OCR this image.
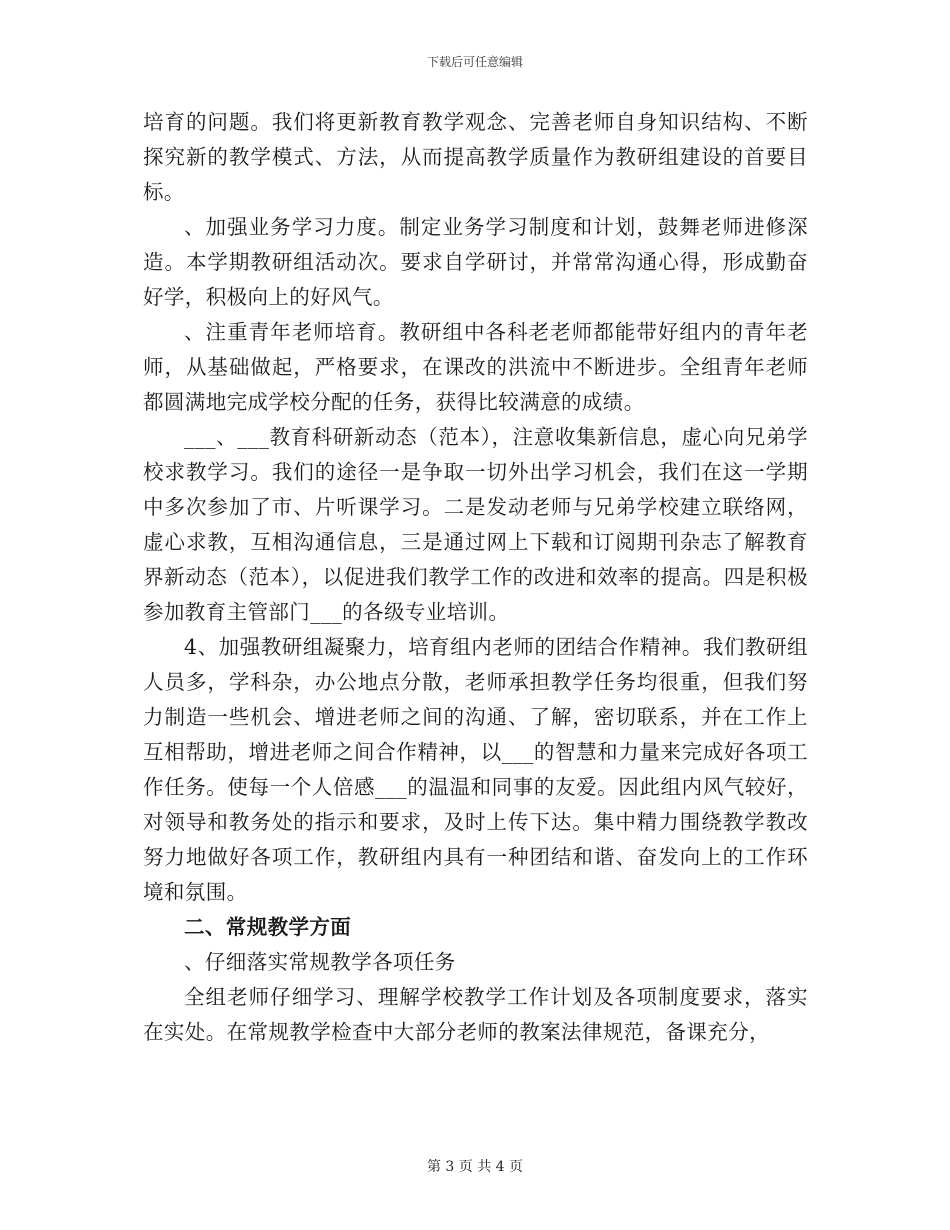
下载后可任意编辑

培育的问题。我们将更新教育教学观念、完善老师自身知识结构、不断探究新的教学模式、方法，从而提高教学质量作为教研组建设的首要目标。

、加强业务学习力度。制定业务学习制度和计划，鼓舞老师进修深造。本学期教研组活动次。要求自学研讨，并常常沟通心得，形成勤奋好学，积极向上的好风气。

、注重青年老师培育。教研组中各科老老师都能带好组内的青年老师，从基础做起，严格要求，在课改的洪流中不断进步。全组青年老师都圆满地完成学校分配的任务，获得比较满意的成绩。

___、___教育科研新动态（范本），注意收集新信息，虚心向兄弟学校求教学习。我们的途径一是争取一切外出学习机会，我们在这一学期中多次参加了市、片听课学习。二是发动老师与兄弟学校建立联络网，虚心求教，互相沟通信息，三是通过网上下载和订阅期刊杂志了解教育界新动态（范本），以促进我们教学工作的改进和效率的提高。四是积极参加教育主管部门___的各级专业培训。

4、加强教研组凝聚力，培育组内老师的团结合作精神。我们教研组人员多，学科杂，办公地点分散，老师承担教学任务均很重，但我们努力制造一些机会、增进老师之间的沟通、了解，密切联系，并在工作上互相帮助，增进老师之间合作精神，以___的智慧和力量来完成好各项工作任务。使每一个人倍感___的温温和同事的友爱。因此组内风气较好，对领导和教务处的指示和要求，及时上传下达。集中精力围绕教学教改努力地做好各项工作，教研组内具有一种团结和谐、奋发向上的工作环境和氛围。

二、常规教学方面

、仔细落实常规教学各项任务

全组老师仔细学习、理解学校教学工作计划及各项制度要求，落实在实处。在常规教学检查中大部分老师的教案法律规范，备课充分，

第 3 页 共 4 页
